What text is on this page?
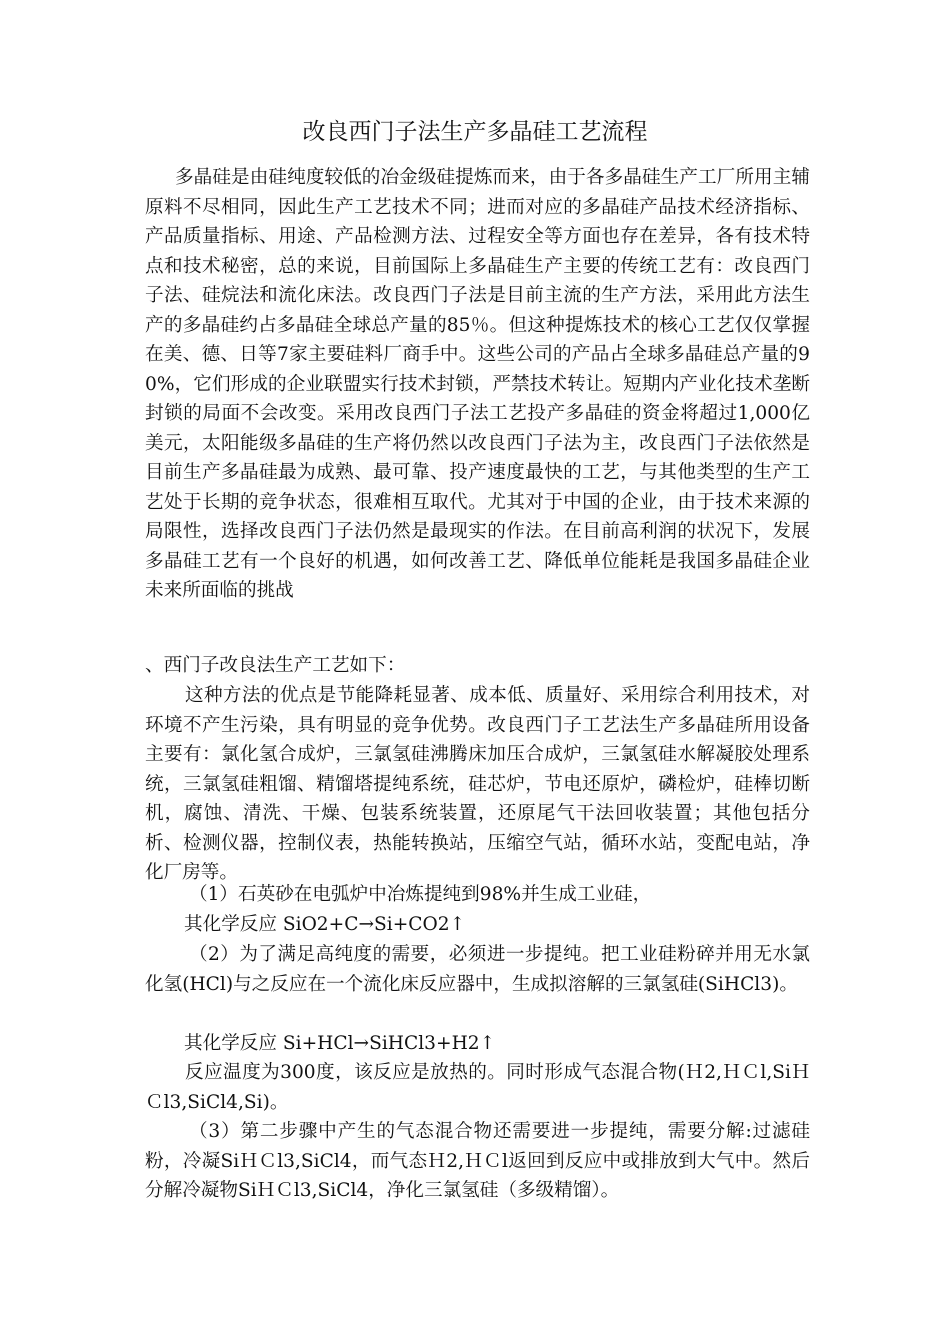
改良西门子法生产多晶硅工艺流程
多晶硅是由硅纯度较低的冶金级硅提炼而来，由于各多晶硅生产工厂所用主辅原料不尽相同，因此生产工艺技术不同；进而对应的多晶硅产品技术经济指标、产品质量指标、用途、产品检测方法、过程安全等方面也存在差异，各有技术特点和技术秘密，总的来说，目前国际上多晶硅生产主要的传统工艺有：改良西门子法、硅烷法和流化床法。改良西门子法是目前主流的生产方法，采用此方法生产的多晶硅约占多晶硅全球总产量的85％。但这种提炼技术的核心工艺仅仅掌握在美、德、日等7家主要硅料厂商手中。这些公司的产品占全球多晶硅总产量的90%，它们形成的企业联盟实行技术封锁，严禁技术转让。短期内产业化技术垄断封锁的局面不会改变。采用改良西门子法工艺投产多晶硅的资金将超过1,000亿美元，太阳能级多晶硅的生产将仍然以改良西门子法为主，改良西门子法依然是目前生产多晶硅最为成熟、最可靠、投产速度最快的工艺，与其他类型的生产工艺处于长期的竞争状态，很难相互取代。尤其对于中国的企业，由于技术来源的局限性，选择改良西门子法仍然是最现实的作法。在目前高利润的状况下，发展多晶硅工艺有一个良好的机遇，如何改善工艺、降低单位能耗是我国多晶硅企业未来所面临的挑战
、西门子改良法生产工艺如下：
这种方法的优点是节能降耗显著、成本低、质量好、采用综合利用技术，对环境不产生污染，具有明显的竞争优势。改良西门子工艺法生产多晶硅所用设备主要有：氯化氢合成炉，三氯氢硅沸腾床加压合成炉，三氯氢硅水解凝胶处理系统，三氯氢硅粗馏、精馏塔提纯系统，硅芯炉，节电还原炉，磷检炉，硅棒切断机，腐蚀、清洗、干燥、包装系统装置，还原尾气干法回收装置；其他包括分析、检测仪器，控制仪表，热能转换站，压缩空气站，循环水站，变配电站，净化厂房等。
（1）石英砂在电弧炉中冶炼提纯到98%并生成工业硅，
其化学反应 SiO2+C→Si+CO2↑
（2）为了满足高纯度的需要，必须进一步提纯。把工业硅粉碎并用无水氯化氢(HCl)与之反应在一个流化床反应器中，生成拟溶解的三氯氢硅(SiHCl3)。
其化学反应 Si+HCl→SiHCl3+H2↑
反应温度为300度，该反应是放热的。同时形成气态混合物(Ｈ2,ＨＣl,SiＨＣl3,SiCl4,Si)。
（3）第二步骤中产生的气态混合物还需要进一步提纯，需要分解:过滤硅粉，冷凝SiＨＣl3,SiCl4，而气态Ｈ2,ＨＣl返回到反应中或排放到大气中。然后分解冷凝物SiＨＣl3,SiCl4，净化三氯氢硅（多级精馏）。
